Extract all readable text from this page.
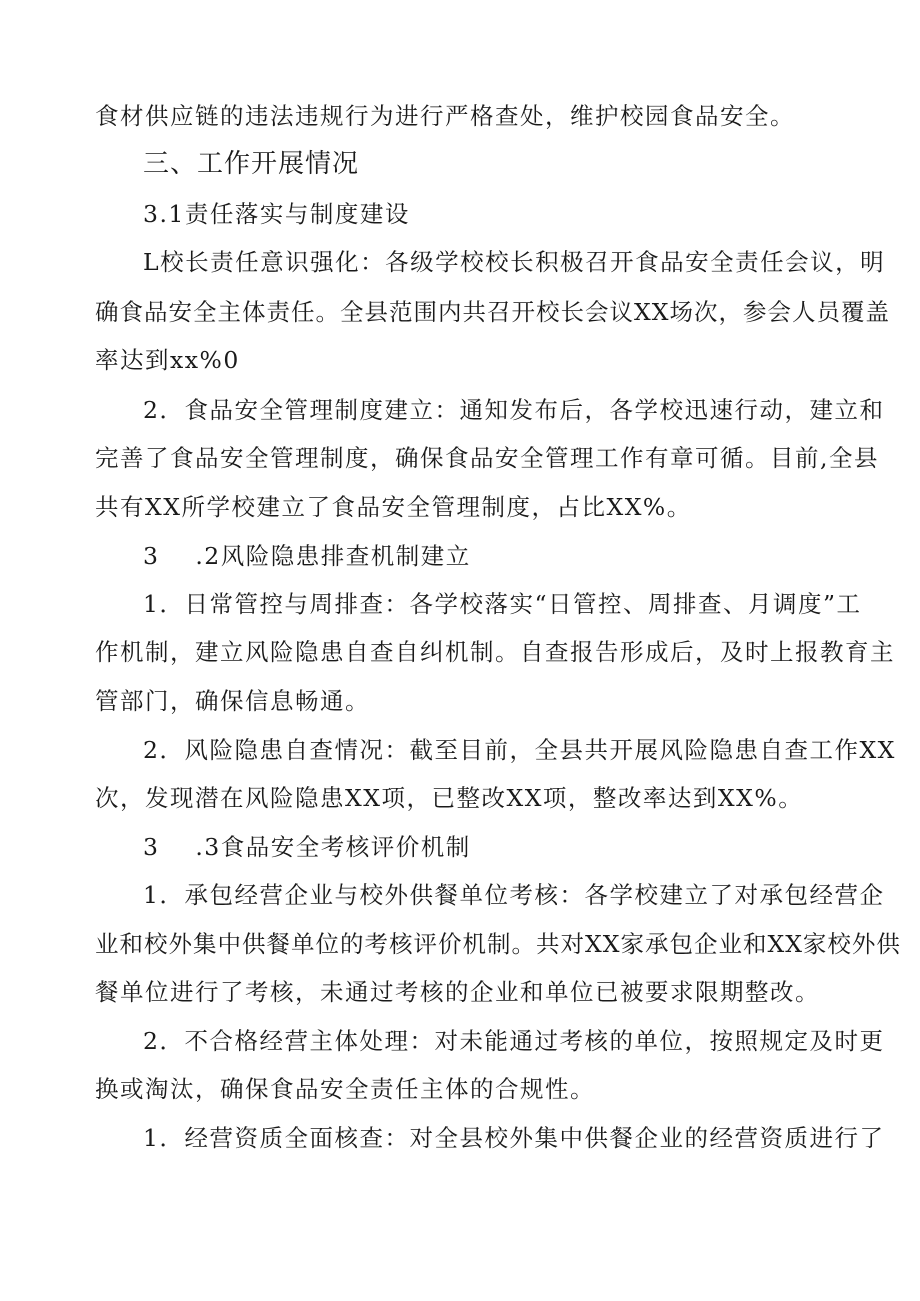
食材供应链的违法违规行为进行严格查处，维护校园食品安全。
三、工作开展情况
3.1责任落实与制度建设
L校长责任意识强化：各级学校校长积极召开食品安全责任会议，明
确食品安全主体责任。全县范围内共召开校长会议XX场次，参会人员覆盖
率达到xx%0
2．食品安全管理制度建立：通知发布后，各学校迅速行动，建立和
完善了食品安全管理制度，确保食品安全管理工作有章可循。目前,全县
共有XX所学校建立了食品安全管理制度，占比XX%。
3    .2风险隐患排查机制建立
1．日常管控与周排查：各学校落实“日管控、周排查、月调度”工
作机制，建立风险隐患自查自纠机制。自查报告形成后，及时上报教育主
管部门，确保信息畅通。
2．风险隐患自查情况：截至目前，全县共开展风险隐患自查工作XX
次，发现潜在风险隐患XX项，已整改XX项，整改率达到XX%。
3    .3食品安全考核评价机制
1．承包经营企业与校外供餐单位考核：各学校建立了对承包经营企
业和校外集中供餐单位的考核评价机制。共对XX家承包企业和XX家校外供
餐单位进行了考核，未通过考核的企业和单位已被要求限期整改。
2．不合格经营主体处理：对未能通过考核的单位，按照规定及时更
换或淘汰，确保食品安全责任主体的合规性。
1．经营资质全面核查：对全县校外集中供餐企业的经营资质进行了
